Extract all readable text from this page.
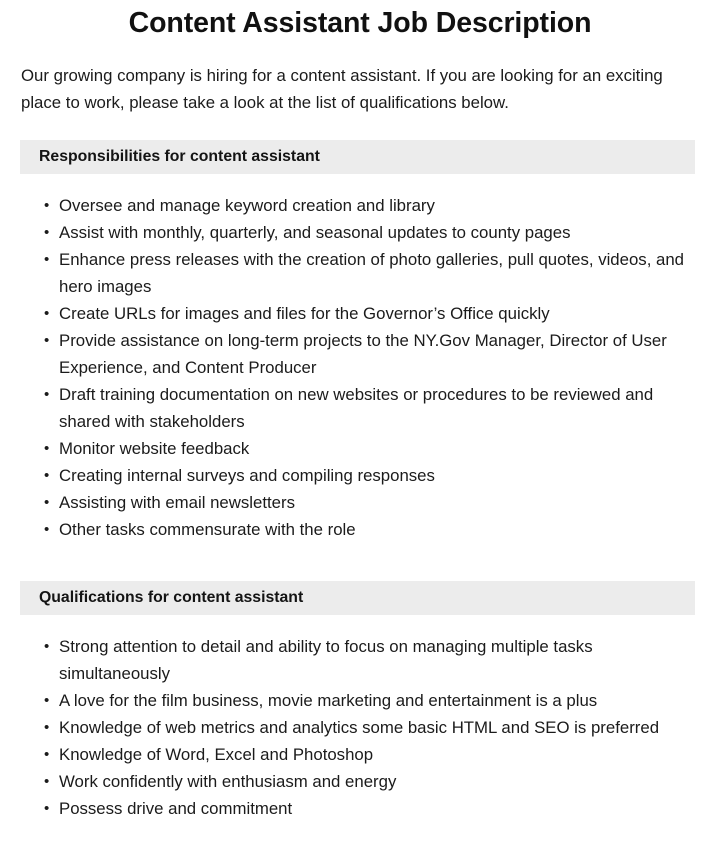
Content Assistant Job Description

Our growing company is hiring for a content assistant. If you are looking for an exciting place to work, please take a look at the list of qualifications below.

Responsibilities for content assistant
• Oversee and manage keyword creation and library
• Assist with monthly, quarterly, and seasonal updates to county pages
• Enhance press releases with the creation of photo galleries, pull quotes, videos, and hero images
• Create URLs for images and files for the Governor’s Office quickly
• Provide assistance on long-term projects to the NY.Gov Manager, Director of User Experience, and Content Producer
• Draft training documentation on new websites or procedures to be reviewed and shared with stakeholders
• Monitor website feedback
• Creating internal surveys and compiling responses
• Assisting with email newsletters
• Other tasks commensurate with the role
Qualifications for content assistant
• Strong attention to detail and ability to focus on managing multiple tasks simultaneously
• A love for the film business, movie marketing and entertainment is a plus
• Knowledge of web metrics and analytics some basic HTML and SEO is preferred
• Knowledge of Word, Excel and Photoshop
• Work confidently with enthusiasm and energy
• Possess drive and commitment
